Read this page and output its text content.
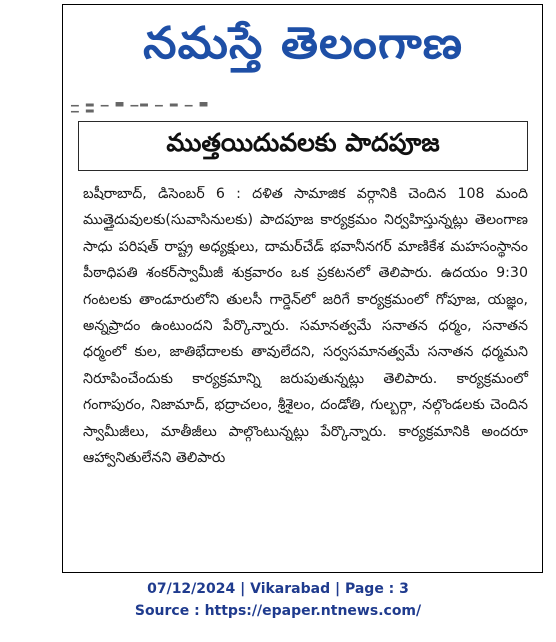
నమస్తే తెలంగాణ
▁ ▂ ▁ ▃ ▁▂ ▁ ▂ ▁ ▃ ▁ ▂
ముత్తయిదువలకు పాదపూజ

బషీరాబాద్, డిసెంబర్ 6 : దళిత సామాజిక వర్గానికి చెందిన 108 మంది ముత్తైదువులకు(సువాసినులకు) పాదపూజ కార్యక్రమం నిర్వహిస్తున్నట్లు తెలంగాణ సాధు పరిషత్ రాష్ట్ర అధ్యక్షులు, దామర్‌చేడ్ భవానీనగర్ మాణికేశ మహసంస్థానం పీఠాధిపతి శంకర్‌స్వామీజీ శుక్రవారం ఒక ప్రకటనలో తెలిపారు. ఉదయం 9:30 గంటలకు తాండూరులోని తులసీ గార్డెన్‌లో జరిగే కార్యక్రమంలో గోపూజ, యజ్ఞం, అన్నప్రాదం ఉంటుందని పేర్కొన్నారు. సమానత్వమే సనాతన ధర్మం, సనాతన ధర్మంలో కుల, జాతిభేదాలకు తావులేదని, సర్వసమానత్వమే సనాతన ధర్మమని నిరూపించేందుకు కార్యక్రమాన్ని జరుపుతున్నట్లు తెలిపారు. కార్యక్రమంలో గంగాపురం, నిజామాద్, భద్రాచలం, శ్రీశైలం, దండోతి, గుల్బర్గా, నల్గొండలకు చెందిన స్వామీజీలు, మాతీజీలు పాల్గొంటున్నట్లు పేర్కొన్నారు. కార్యక్రమానికి అందరూ ఆహ్వానితులేనని తెలిపారు

07/12/2024 | Vikarabad | Page : 3
Source : https://epaper.ntnews.com/
